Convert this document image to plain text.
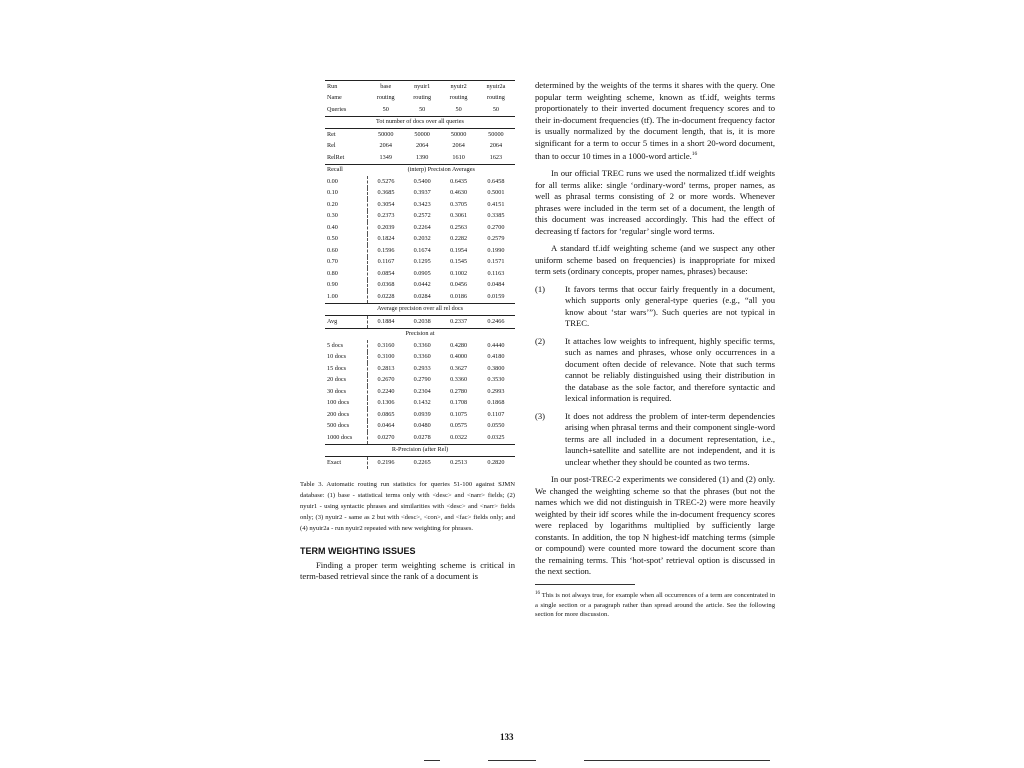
Run	base	nyuir1	nyuir2	nyuir2a
Name	routing	routing	routing	routing
Queries	50	50	50	50
Tot number of docs over all queries				
Ret	50000	50000	50000	50000
Rel	2064	2064	2064	2064
RelRet	1349	1390	1610	1623
Recall	(interp) Precision Averages			
0.00	0.5276	0.5400	0.6435	0.6458
0.10	0.3685	0.3937	0.4630	0.5001
0.20	0.3054	0.3423	0.3705	0.4151
0.30	0.2373	0.2572	0.3061	0.3385
0.40	0.2039	0.2264	0.2563	0.2700
0.50	0.1824	0.2032	0.2282	0.2579
0.60	0.1596	0.1674	0.1954	0.1990
0.70	0.1167	0.1295	0.1545	0.1571
0.80	0.0854	0.0905	0.1002	0.1163
0.90	0.0368	0.0442	0.0456	0.0484
1.00	0.0228	0.0284	0.0186	0.0159
Average precision over all rel docs				
Avg	0.1884	0.2038	0.2337	0.2466
Precision at				
5 docs	0.3160	0.3360	0.4280	0.4440
10 docs	0.3100	0.3360	0.4000	0.4180
15 docs	0.2813	0.2933	0.3627	0.3800
20 docs	0.2670	0.2790	0.3360	0.3530
30 docs	0.2240	0.2304	0.2780	0.2993
100 docs	0.1306	0.1432	0.1708	0.1868
200 docs	0.0865	0.0939	0.1075	0.1107
500 docs	0.0464	0.0480	0.0575	0.0550
1000 docs	0.0270	0.0278	0.0322	0.0325
R-Precision (after Rel)				
Exact	0.2196	0.2265	0.2513	0.2820
Table 3. Automatic routing run statistics for queries 51-100 against SJMN database: (1) base - statistical terms only with <desc> and <narr> fields; (2) nyuir1 - using syntactic phrases and similarities with <desc> and <narr> fields only; (3) nyuir2 - same as 2 but with <desc>, <con>, and <fac> fields only; and (4) nyuir2a - run nyuir2 repeated with new weighting for phrases.
TERM WEIGHTING ISSUES
Finding a proper term weighting scheme is critical in term-based retrieval since the rank of a document is

determined by the weights of the terms it shares with the query. One popular term weighting scheme, known as tf.idf, weights terms proportionately to their inverted document frequency scores and to their in-document frequencies (tf). The in-document frequency factor is usually normalized by the document length, that is, it is more significant for a term to occur 5 times in a short 20-word document, than to occur 10 times in a 1000-word article.$^{16}$

In our official TREC runs we used the normalized tf.idf weights for all terms alike: single ‘ordinary-word’ terms, proper names, as well as phrasal terms consisting of 2 or more words. Whenever phrases were included in the term set of a document, the length of this document was increased accordingly. This had the effect of decreasing tf factors for ‘regular’ single word terms.

A standard tf.idf weighting scheme (and we suspect any other uniform scheme based on frequencies) is inappropriate for mixed term sets (ordinary concepts, proper names, phrases) because:

(1)	It favors terms that occur fairly frequently in a document, which supports only general-type queries (e.g., “all you know about ‘star wars’”). Such queries are not typical in TREC.
(2)	It attaches low weights to infrequent, highly specific terms, such as names and phrases, whose only occurrences in a document often decide of relevance. Note that such terms cannot be reliably distinguished using their distribution in the database as the sole factor, and therefore syntactic and lexical information is required.
(3)	It does not address the problem of inter-term dependencies arising when phrasal terms and their component single-word terms are all included in a document representation, i.e., launch+satellite and satellite are not independent, and it is unclear whether they should be counted as two terms.

In our post-TREC-2 experiments we considered (1) and (2) only. We changed the weighting scheme so that the phrases (but not the names which we did not distinguish in TREC-2) were more heavily weighted by their idf scores while the in-document frequency scores were replaced by logarithms multiplied by sufficiently large constants. In addition, the top N highest-idf matching terms (simple or compound) were counted more toward the document score than the remaining terms. This ‘hot-spot’ retrieval option is discussed in the next section.

$^{16}$ This is not always true, for example when all occurrences of a term are concentrated in a single section or a paragraph rather than spread around the article. See the following section for more discussion.
133
